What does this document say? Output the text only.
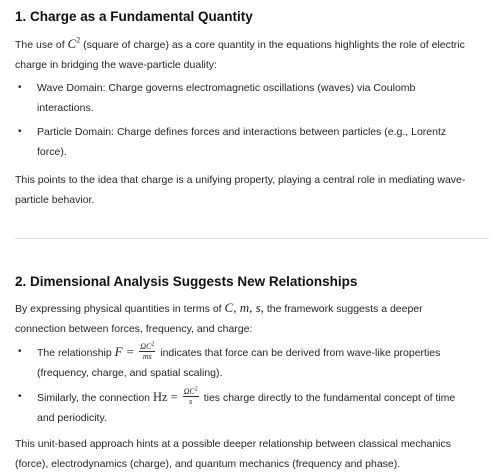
1. Charge as a Fundamental Quantity

The use of $C^2$ (square of charge) as a core quantity in the equations highlights the role of electric
charge in bridging the wave-particle duality:

• Wave Domain: Charge governs electromagnetic oscillations (waves) via Coulomb
interactions.
• Particle Domain: Charge defines forces and interactions between particles (e.g., Lorentz
force).

This points to the idea that charge is a unifying property, playing a central role in mediating wave-
particle behavior.

2. Dimensional Analysis Suggests New Relationships

By expressing physical quantities in terms of C, m, s, the framework suggests a deeper
connection between forces, frequency, and charge:

• The relationship $F = \frac{\Omega C^2}{ms}$ indicates that force can be derived from wave-like properties
(frequency, charge, and spatial scaling).
• Similarly, the connection $Hz = \frac{\Omega C^2}{s}$ ties charge directly to the fundamental concept of time
and periodicity.

This unit-based approach hints at a possible deeper relationship between classical mechanics
(force), electrodynamics (charge), and quantum mechanics (frequency and phase).
